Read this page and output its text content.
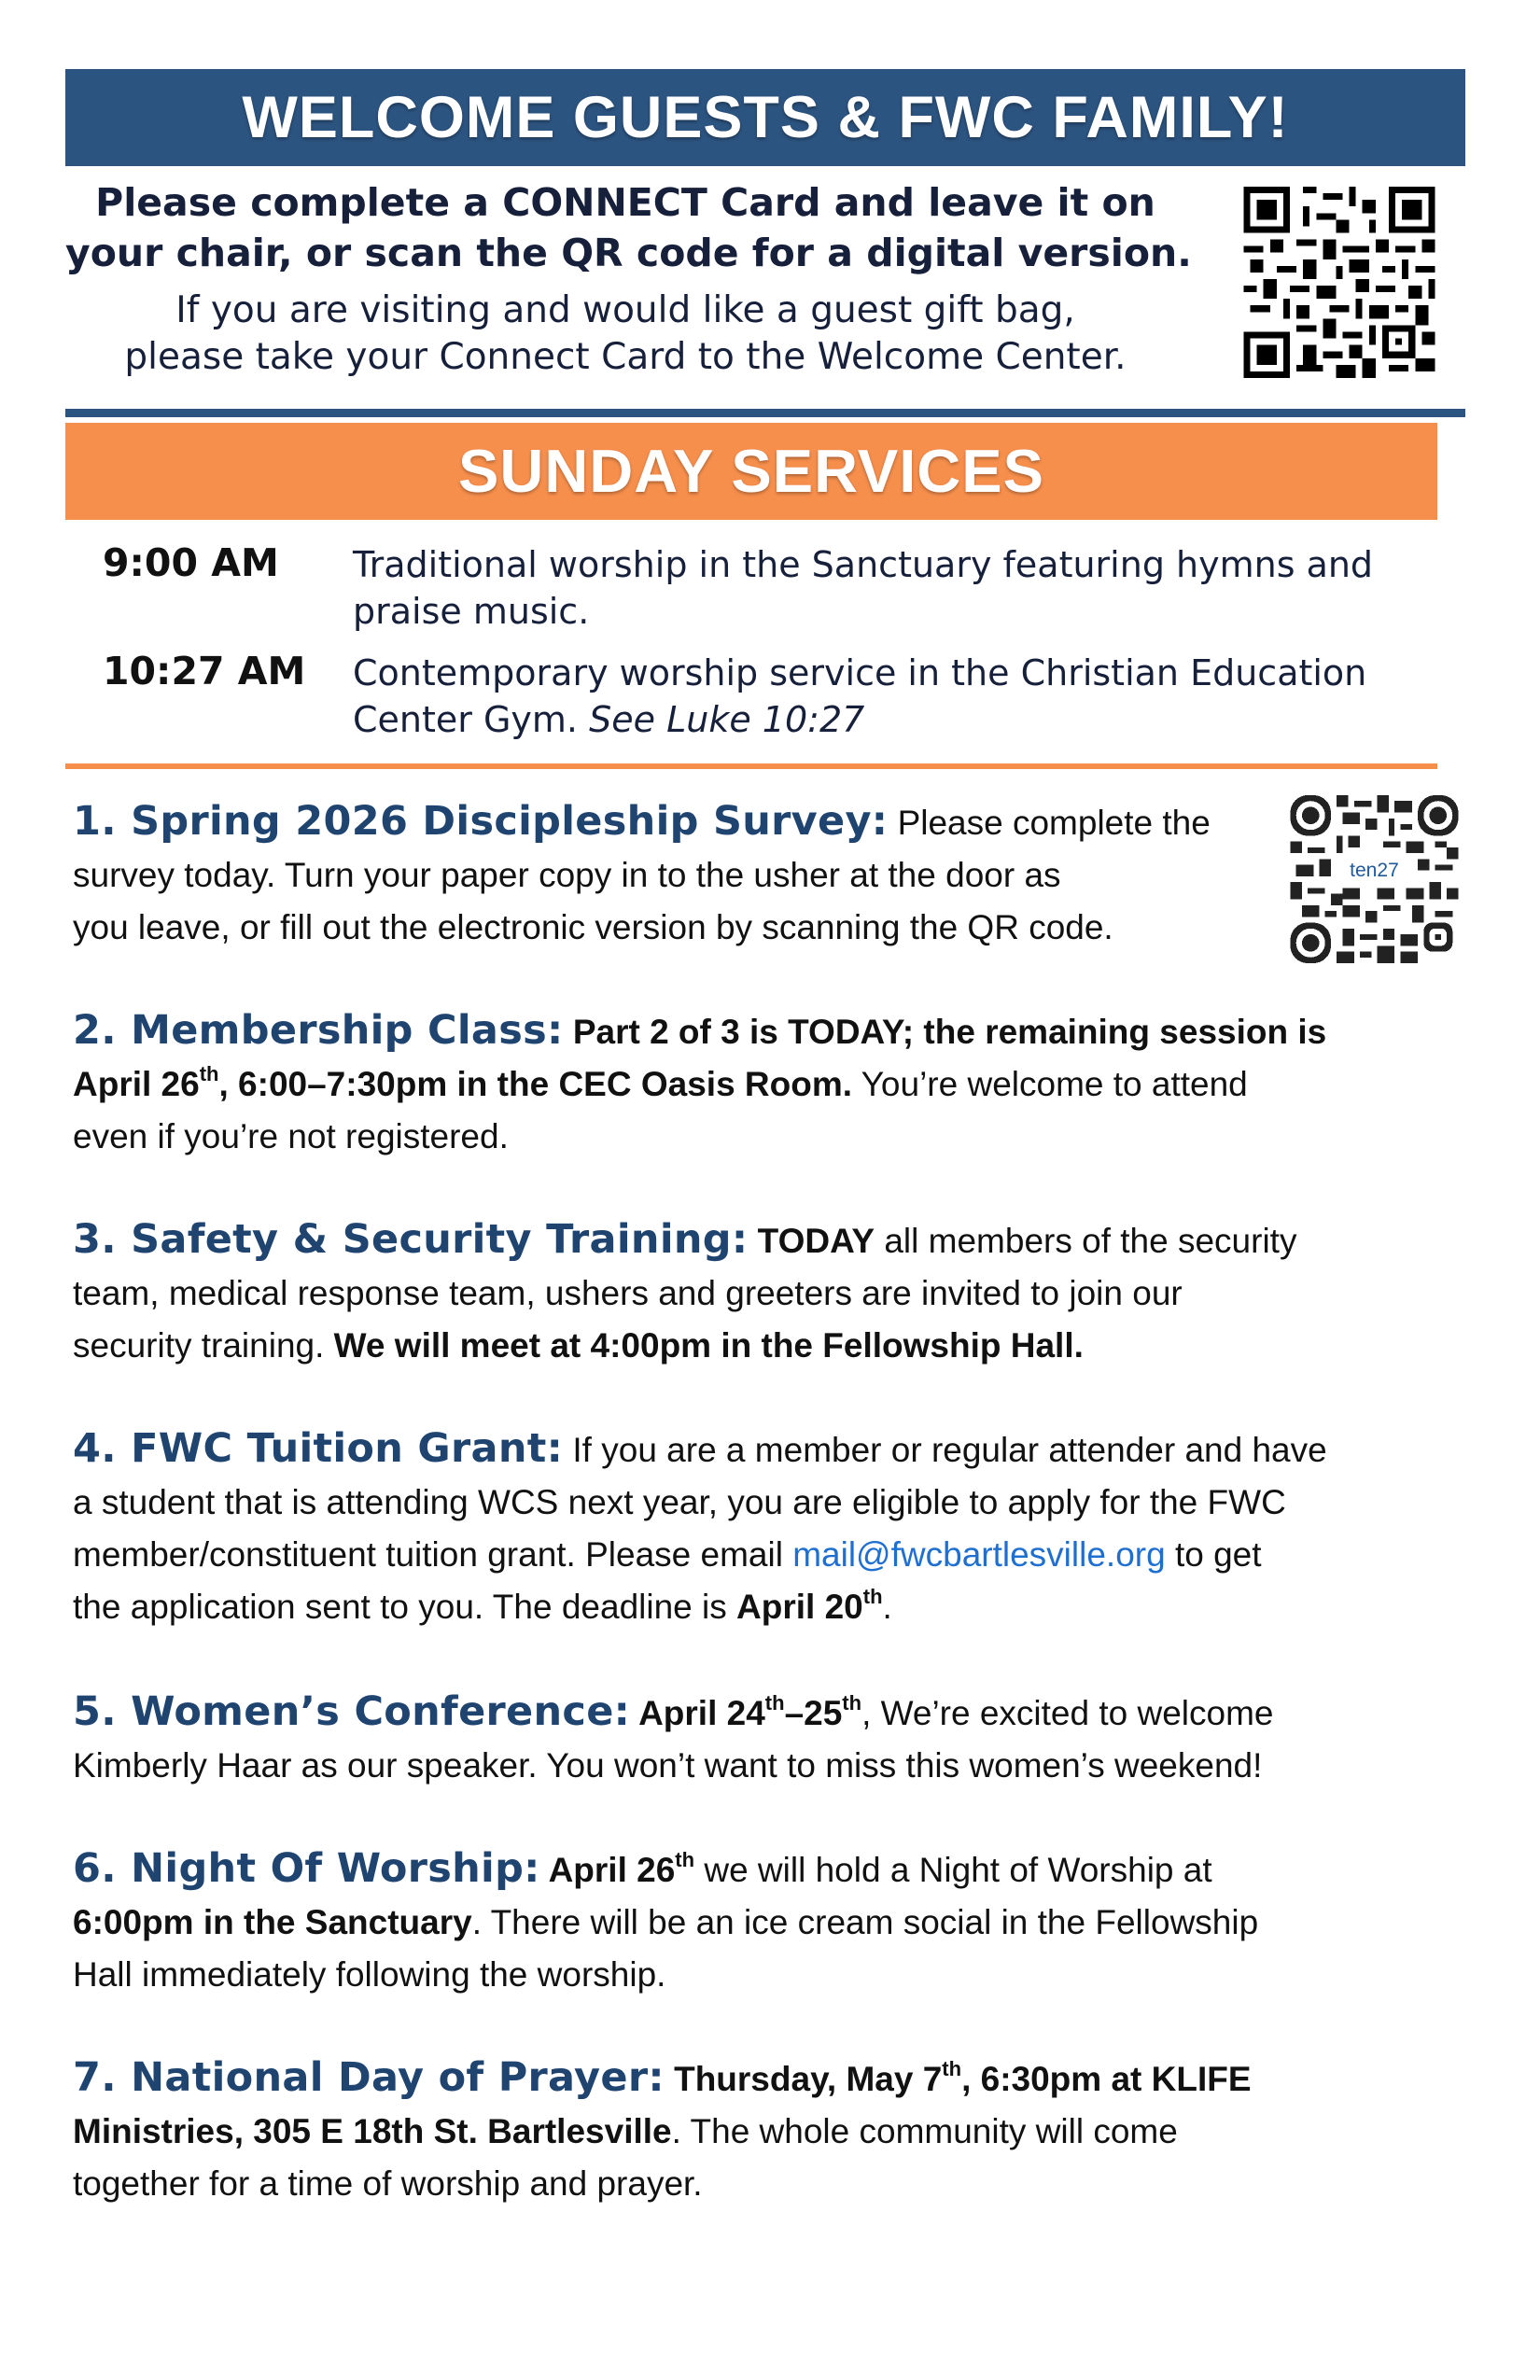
WELCOME GUESTS & FWC FAMILY!
Please complete a CONNECT Card and leave it on
your chair, or scan the QR code for a digital version.
If you are visiting and would like a guest gift bag,
please take your Connect Card to the Welcome Center.
SUNDAY SERVICES
9:00 AM	Traditional worship in the Sanctuary featuring hymns and praise music.
10:27 AM Contemporary worship service in the Christian Education Center Gym. See Luke 10:27
ten27
1. Spring 2026 Discipleship Survey: Please complete the
survey today. Turn your paper copy in to the usher at the door as
you leave, or fill out the electronic version by scanning the QR code.
2. Membership Class: Part 2 of 3 is TODAY; the remaining session is
April 26th, 6:00–7:30pm in the CEC Oasis Room. You’re welcome to attend
even if you’re not registered.
3. Safety & Security Training: TODAY all members of the security
team, medical response team, ushers and greeters are invited to join our
security training. We will meet at 4:00pm in the Fellowship Hall.
4. FWC Tuition Grant: If you are a member or regular attender and have
a student that is attending WCS next year, you are eligible to apply for the FWC
member/constituent tuition grant. Please email mail@fwcbartlesville.org to get
the application sent to you. The deadline is April 20th.
5. Women’s Conference: April 24th–25th, We’re excited to welcome
Kimberly Haar as our speaker. You won’t want to miss this women’s weekend!
6. Night Of Worship: April 26th we will hold a Night of Worship at
6:00pm in the Sanctuary. There will be an ice cream social in the Fellowship
Hall immediately following the worship.
7. National Day of Prayer: Thursday, May 7th, 6:30pm at KLIFE
Ministries, 305 E 18th St. Bartlesville. The whole community will come
together for a time of worship and prayer.
